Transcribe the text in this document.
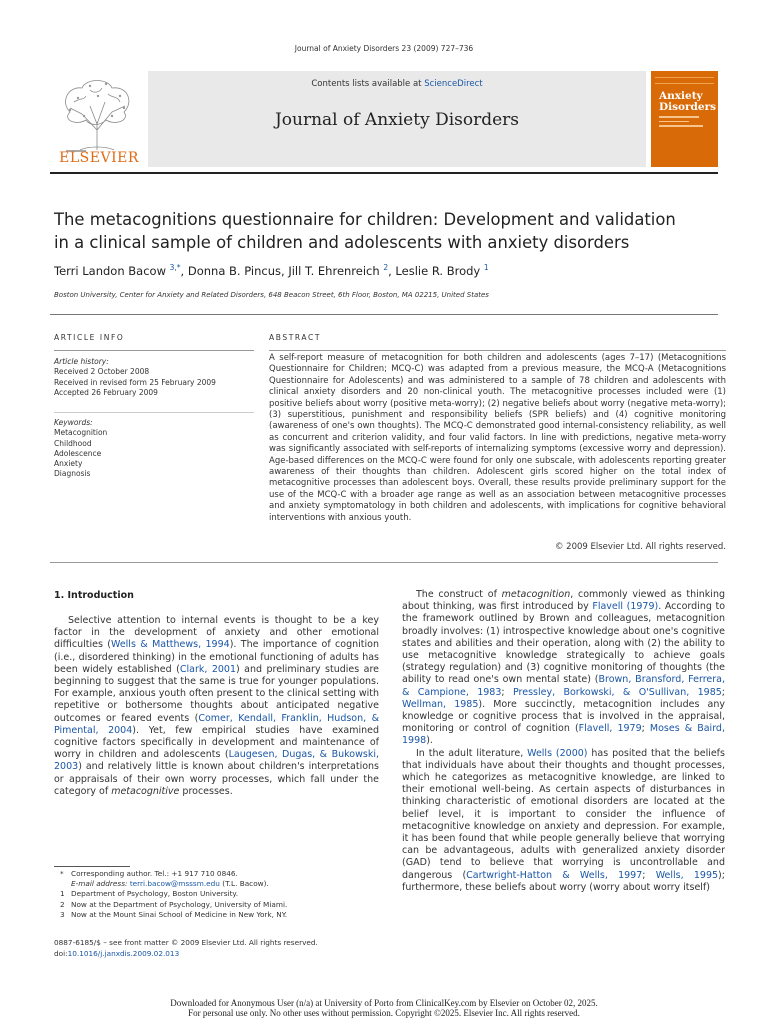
Journal of Anxiety Disorders 23 (2009) 727–736
ELSEVIER
Contents lists available at ScienceDirect
Journal of Anxiety Disorders
Anxiety
Disorders
The metacognitions questionnaire for children: Development and validation
in a clinical sample of children and adolescents with anxiety disorders
Terri Landon Bacow $^{3,*}$, Donna B. Pincus, Jill T. Ehrenreich $^2$, Leslie R. Brody $^1$
Boston University, Center for Anxiety and Related Disorders, 648 Beacon Street, 6th Floor, Boston, MA 02215, United States
ARTICLE INFO	ABSTRACT
Article history:
Received 2 October 2008
Received in revised form 25 February 2009
Accepted 26 February 2009
Keywords:
Metacognition
Childhood
Adolescence
Anxiety
Diagnosis
A self-report measure of metacognition for both children and adolescents (ages 7–17) (Metacognitions Questionnaire for Children; MCQ-C) was adapted from a previous measure, the MCQ-A (Metacognitions Questionnaire for Adolescents) and was administered to a sample of 78 children and adolescents with clinical anxiety disorders and 20 non-clinical youth. The metacognitive processes included were (1) positive beliefs about worry (positive meta-worry); (2) negative beliefs about worry (negative meta-worry); (3) superstitious, punishment and responsibility beliefs (SPR beliefs) and (4) cognitive monitoring (awareness of one's own thoughts). The MCQ-C demonstrated good internal-consistency reliability, as well as concurrent and criterion validity, and four valid factors. In line with predictions, negative meta-worry was significantly associated with self-reports of internalizing symptoms (excessive worry and depression). Age-based differences on the MCQ-C were found for only one subscale, with adolescents reporting greater awareness of their thoughts than children. Adolescent girls scored higher on the total index of metacognitive processes than adolescent boys. Overall, these results provide preliminary support for the use of the MCQ-C with a broader age range as well as an association between metacognitive processes and anxiety symptomatology in both children and adolescents, with implications for cognitive behavioral interventions with anxious youth.
© 2009 Elsevier Ltd. All rights reserved.
1. Introduction

Selective attention to internal events is thought to be a key factor in the development of anxiety and other emotional difficulties (Wells & Matthews, 1994). The importance of cognition (i.e., disordered thinking) in the emotional functioning of adults has been widely established (Clark, 2001) and preliminary studies are beginning to suggest that the same is true for younger populations. For example, anxious youth often present to the clinical setting with repetitive or bothersome thoughts about anticipated negative outcomes or feared events (Comer, Kendall, Franklin, Hudson, & Pimental, 2004). Yet, few empirical studies have examined cognitive factors specifically in development and maintenance of worry in children and adolescents (Laugesen, Dugas, & Bukowski, 2003) and relatively little is known about children's interpretations or appraisals of their own worry processes, which fall under the category of metacognitive processes.

The construct of metacognition, commonly viewed as thinking about thinking, was first introduced by Flavell (1979). According to the framework outlined by Brown and colleagues, metacognition broadly involves: (1) introspective knowledge about one's cognitive states and abilities and their operation, along with (2) the ability to use metacognitive knowledge strategically to achieve goals (strategy regulation) and (3) cognitive monitoring of thoughts (the ability to read one's own mental state) (Brown, Bransford, Ferrera, & Campione, 1983; Pressley, Borkowski, & O'Sullivan, 1985; Wellman, 1985). More succinctly, metacognition includes any knowledge or cognitive process that is involved in the appraisal, monitoring or control of cognition (Flavell, 1979; Moses & Baird, 1998).

In the adult literature, Wells (2000) has posited that the beliefs that individuals have about their thoughts and thought processes, which he categorizes as metacognitive knowledge, are linked to their emotional well-being. As certain aspects of disturbances in thinking characteristic of emotional disorders are located at the belief level, it is important to consider the influence of metacognitive knowledge on anxiety and depression. For example, it has been found that while people generally believe that worrying can be advantageous, adults with generalized anxiety disorder (GAD) tend to believe that worrying is uncontrollable and dangerous (Cartwright-Hatton & Wells, 1997; Wells, 1995); furthermore, these beliefs about worry (worry about worry itself)

* Corresponding author. Tel.: +1 917 710 0846.
E-mail address: terri.bacow@msssm.edu (T.L. Bacow).
1 Department of Psychology, Boston University.
2 Now at the Department of Psychology, University of Miami.
3 Now at the Mount Sinai School of Medicine in New York, NY.
0887-6185/$ – see front matter © 2009 Elsevier Ltd. All rights reserved.
doi:10.1016/j.janxdis.2009.02.013
Downloaded for Anonymous User (n/a) at University of Porto from ClinicalKey.com by Elsevier on October 02, 2025.
For personal use only. No other uses without permission. Copyright ©2025. Elsevier Inc. All rights reserved.
